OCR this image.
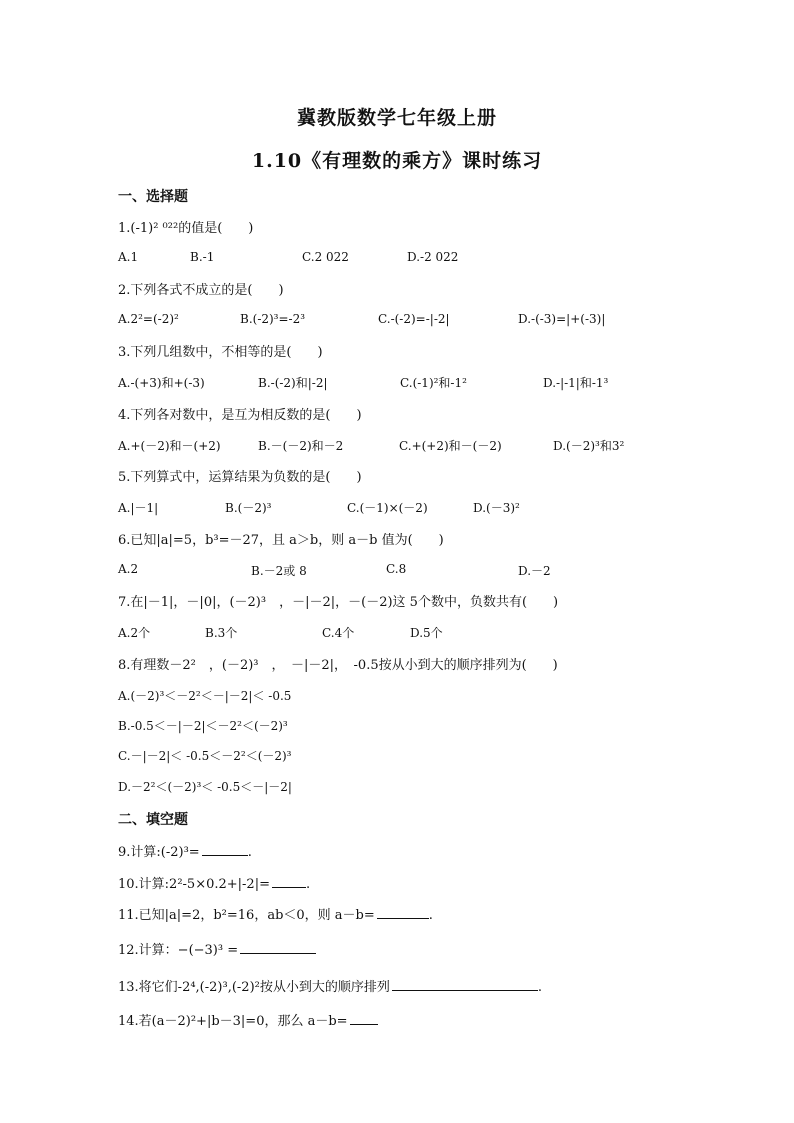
冀教版数学七年级上册
1.10《有理数的乘方》课时练习
一、选择题
1.(-1)² ⁰²²的值是(　　)
A.1	B.-1	C.2 022	D.-2 022
2.下列各式不成立的是(　　)
A.2²=(-2)²	B.(-2)³=-2³	C.-(-2)=-|-2|	D.-(-3)=|+(-3)|
3.下列几组数中，不相等的是(　　)
A.-(+3)和+(-3)	B.-(-2)和|-2|	C.(-1)²和-1²	D.-|-1|和-1³
4.下列各对数中，是互为相反数的是(　　)
A.+(－2)和－(+2)	B.－(－2)和－2	C.+(+2)和－(－2)	D.(－2)³和3²
5.下列算式中，运算结果为负数的是(　　)
A.|－1|	B.(－2)³	C.(－1)×(－2)	D.(－3)²
6.已知|a|=5，b³=－27，且 a＞b，则 a－b 值为(　　)
A.2	B.－2或 8	C.8	D.－2
7.在|－1|，－|0|，(－2)³　，－|－2|，－(－2)这 5个数中，负数共有(　　)
A.2个	B.3个	C.4个	D.5个
8.有理数－2²　，(－2)³　，　－|－2|，　-0.5按从小到大的顺序排列为(　　)
A.(－2)³＜－2²＜－|－2|＜ -0.5
B.-0.5＜－|－2|＜－2²＜(－2)³
C.－|－2|＜ -0.5＜－2²＜(－2)³
D.－2²＜(－2)³＜ -0.5＜－|－2|
二、填空题
9.计算:(-2)³=	.
10.计算:2²-5×0.2+|-2|=	.
11.已知|a|=2，b²=16，ab＜0，则 a－b=	.
12.计算：−(−3)³ =
13.将它们-2⁴,(-2)³,(-2)²按从小到大的顺序排列	.
14.若(a－2)²+|b－3|=0，那么 a－b=
